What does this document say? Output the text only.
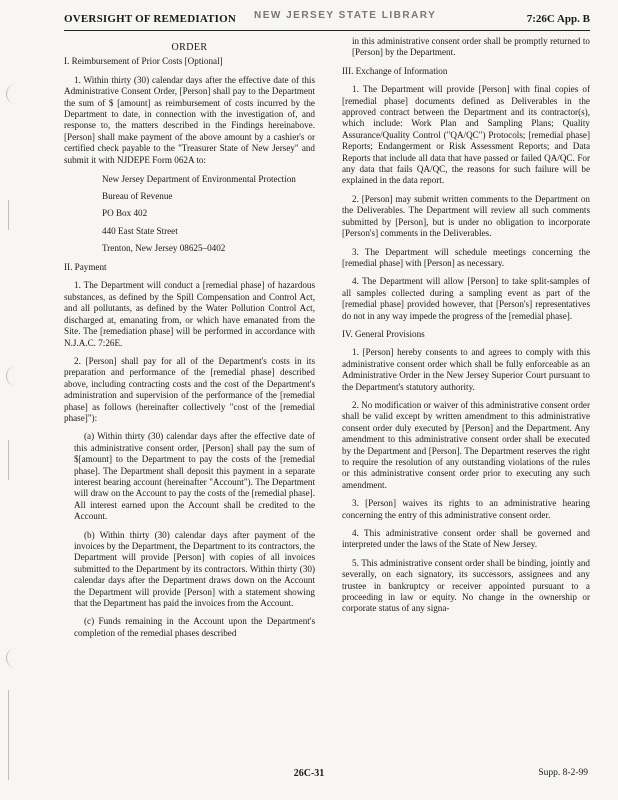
OVERSIGHT OF REMEDIATION NEW JERSEY STATE LIBRARY	7:26C App. B
ORDER

I. Reimbursement of Prior Costs [Optional]

1. Within thirty (30) calendar days after the effective date of this Administrative Consent Order, [Person] shall pay to the Department the sum of $ [amount] as reimbursement of costs incurred by the Department to date, in connection with the investigation of, and response to, the matters described in the Findings hereinabove. [Person] shall make payment of the above amount by a cashier's or certified check payable to the "Treasurer State of New Jersey" and submit it with NJDEPE Form 062A to:

New Jersey Department of Environmental Protection
Bureau of Revenue
PO Box 402
440 East State Street
Trenton, New Jersey 08625–0402

II. Payment

1. The Department will conduct a [remedial phase] of hazardous substances, as defined by the Spill Compensation and Control Act, and all pollutants, as defined by the Water Pollution Control Act, discharged at, emanating from, or which have emanated from the Site. The [remediation phase] will be performed in accordance with N.J.A.C. 7:26E.

2. [Person] shall pay for all of the Department's costs in its preparation and performance of the [remedial phase] described above, including contracting costs and the cost of the Department's administration and supervision of the performance of the [remedial phase] as follows (hereinafter collectively "cost of the [remedial phase]"):

(a) Within thirty (30) calendar days after the effective date of this administrative consent order, [Person] shall pay the sum of $[amount] to the Department to pay the costs of the [remedial phase]. The Department shall deposit this payment in a separate interest bearing account (hereinafter "Account"). The Department will draw on the Account to pay the costs of the [remedial phase]. All interest earned upon the Account shall be credited to the Account.

(b) Within thirty (30) calendar days after payment of the invoices by the Department, the Department to its contractors, the Department will provide [Person] with copies of all invoices submitted to the Department by its contractors. Within thirty (30) calendar days after the Department draws down on the Account the Department will provide [Person] with a statement showing that the Department has paid the invoices from the Account.

(c) Funds remaining in the Account upon the Department's completion of the remedial phases described

in this administrative consent order shall be promptly returned to [Person] by the Department.

III. Exchange of Information

1. The Department will provide [Person] with final copies of [remedial phase] documents defined as Deliverables in the approved contract between the Department and its contractor(s), which include: Work Plan and Sampling Plans; Quality Assurance/Quality Control ("QA/QC") Protocols; [remedial phase] Reports; Endangerment or Risk Assessment Reports; and Data Reports that include all data that have passed or failed QA/QC. For any data that fails QA/QC, the reasons for such failure will be explained in the data report.

2. [Person] may submit written comments to the Department on the Deliverables. The Department will review all such comments submitted by [Person], but is under no obligation to incorporate [Person's] comments in the Deliverables.

3. The Department will schedule meetings concerning the [remedial phase] with [Person] as necessary.

4. The Department will allow [Person] to take split-samples of all samples collected during a sampling event as part of the [remedial phase] provided however, that [Person's] representatives do not in any way impede the progress of the [remedial phase].

IV. General Provisions

1. [Person] hereby consents to and agrees to comply with this administrative consent order which shall be fully enforceable as an Administrative Order in the New Jersey Superior Court pursuant to the Department's statutory authority.

2. No modification or waiver of this administrative consent order shall be valid except by written amendment to this administrative consent order duly executed by [Person] and the Department. Any amendment to this administrative consent order shall be executed by the Department and [Person]. The Department reserves the right to require the resolution of any outstanding violations of the rules or this administrative consent order prior to executing any such amendment.

3. [Person] waives its rights to an administrative hearing concerning the entry of this administrative consent order.

4. This administrative consent order shall be governed and interpreted under the laws of the State of New Jersey.

5. This administrative consent order shall be binding, jointly and severally, on each signatory, its successors, assignees and any trustee in bankruptcy or receiver appointed pursuant to a proceeding in law or equity. No change in the ownership or corporate status of any signa-

26C-31	Supp. 8-2-99
